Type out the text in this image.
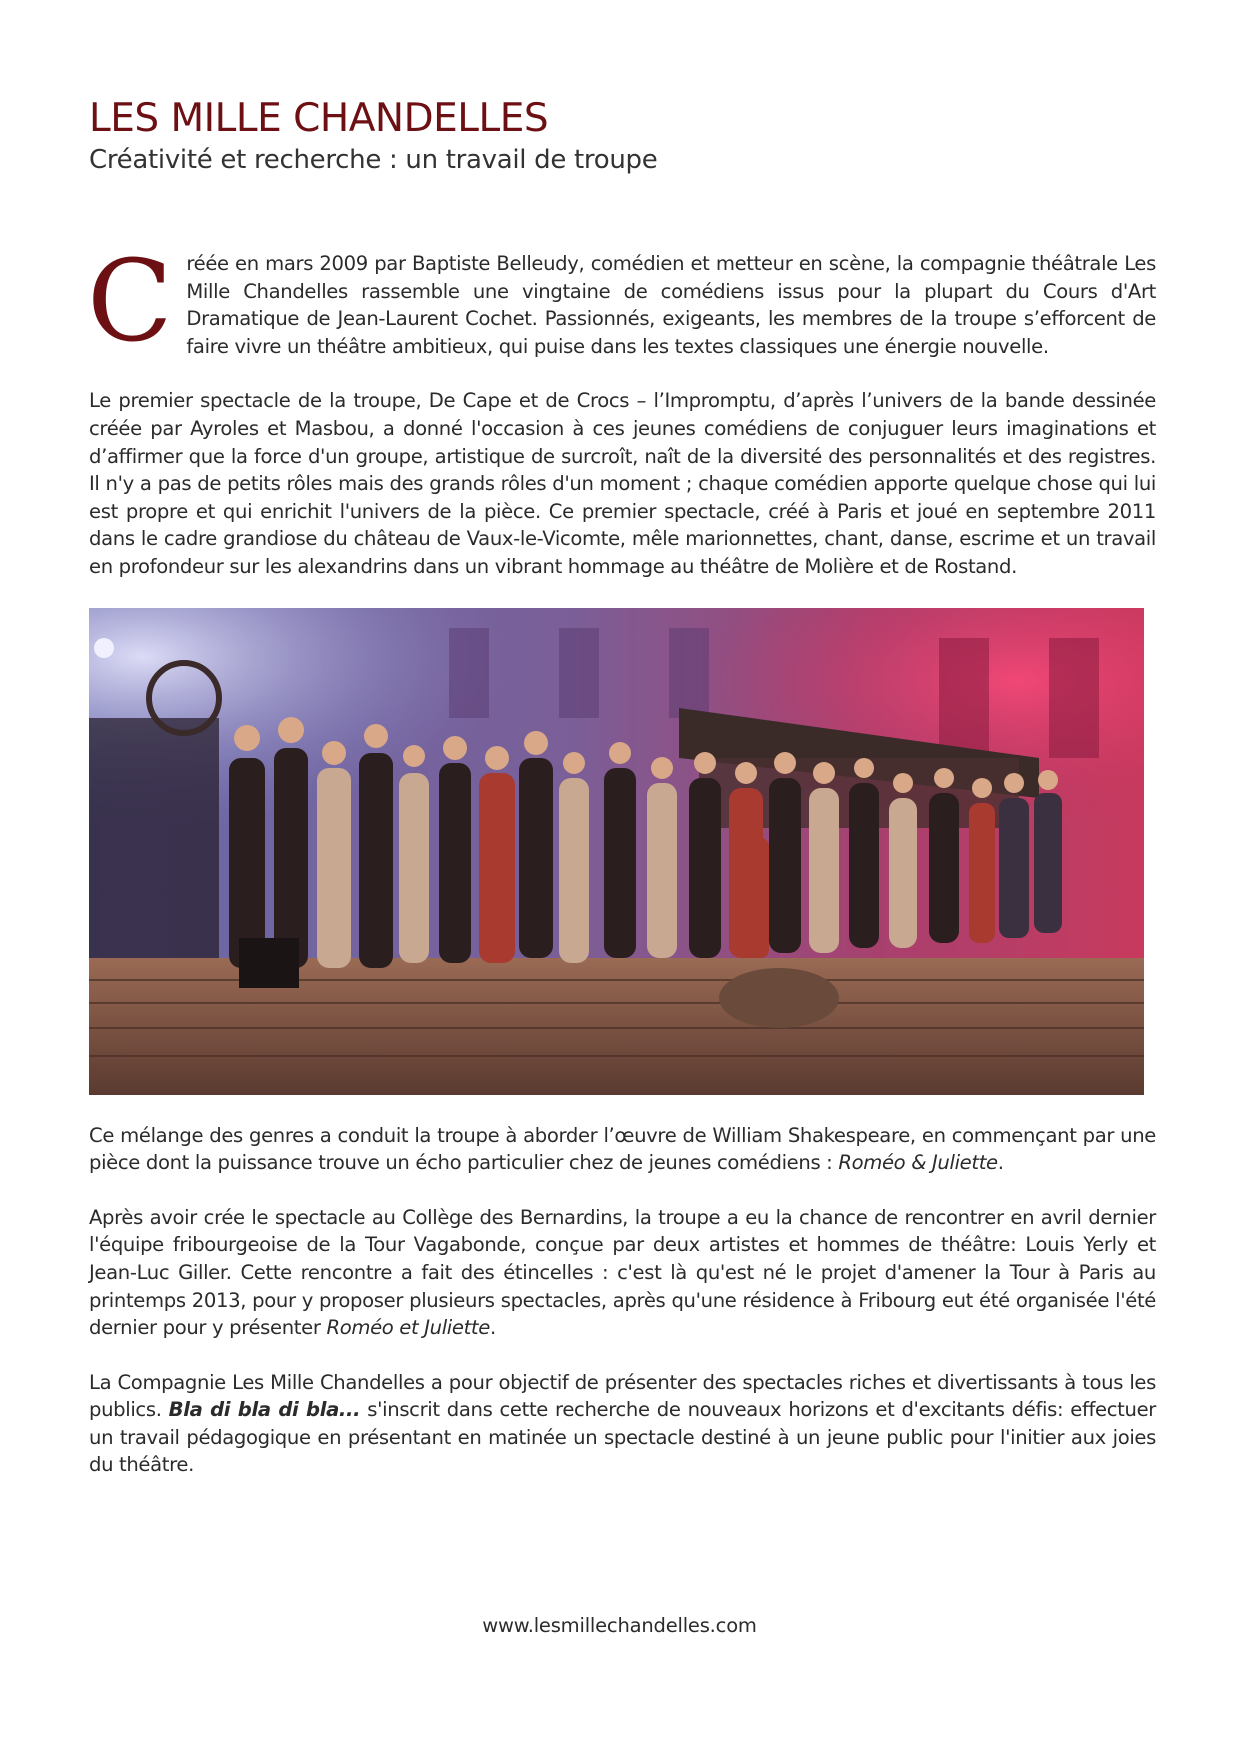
LES MILLE CHANDELLES
Créativité et recherche : un travail de troupe

Créée en mars 2009 par Baptiste Belleudy, comédien et metteur en scène, la compagnie théâtrale Les Mille Chandelles rassemble une vingtaine de comédiens issus pour la plupart du Cours d'Art Dramatique de Jean-Laurent Cochet. Passionnés, exigeants, les membres de la troupe s’efforcent de faire vivre un théâtre ambitieux, qui puise dans les textes classiques une énergie nouvelle.

Le premier spectacle de la troupe, De Cape et de Crocs – l’Impromptu, d’après l’univers de la bande dessinée créée par Ayroles et Masbou, a donné l'occasion à ces jeunes comédiens de conjuguer leurs imaginations et d’affirmer que la force d'un groupe, artistique de surcroît, naît de la diversité des personnalités et des registres. Il n'y a pas de petits rôles mais des grands rôles d'un moment ; chaque comédien apporte quelque chose qui lui est propre et qui enrichit l'univers de la pièce. Ce premier spectacle, créé à Paris et joué en septembre 2011 dans le cadre grandiose du château de Vaux-le-Vicomte, mêle marionnettes, chant, danse, escrime et un travail en profondeur sur les alexandrins dans un vibrant hommage au théâtre de Molière et de Rostand.

Ce mélange des genres a conduit la troupe à aborder l’œuvre de William Shakespeare, en commençant par une pièce dont la puissance trouve un écho particulier chez de jeunes comédiens : Roméo & Juliette.

Après avoir crée le spectacle au Collège des Bernardins, la troupe a eu la chance de rencontrer en avril dernier l'équipe fribourgeoise de la Tour Vagabonde, conçue par deux artistes et hommes de théâtre: Louis Yerly et Jean-Luc Giller. Cette rencontre a fait des étincelles : c'est là qu'est né le projet d'amener la Tour à Paris au printemps 2013, pour y proposer plusieurs spectacles, après qu'une résidence à Fribourg eut été organisée l'été dernier pour y présenter Roméo et Juliette.

La Compagnie Les Mille Chandelles a pour objectif de présenter des spectacles riches et divertissants à tous les publics. Bla di bla di bla... s'inscrit dans cette recherche de nouveaux horizons et d'excitants défis: effectuer un travail pédagogique en présentant en matinée un spectacle destiné à un jeune public pour l'initier aux joies du théâtre.

www.lesmillechandelles.com
